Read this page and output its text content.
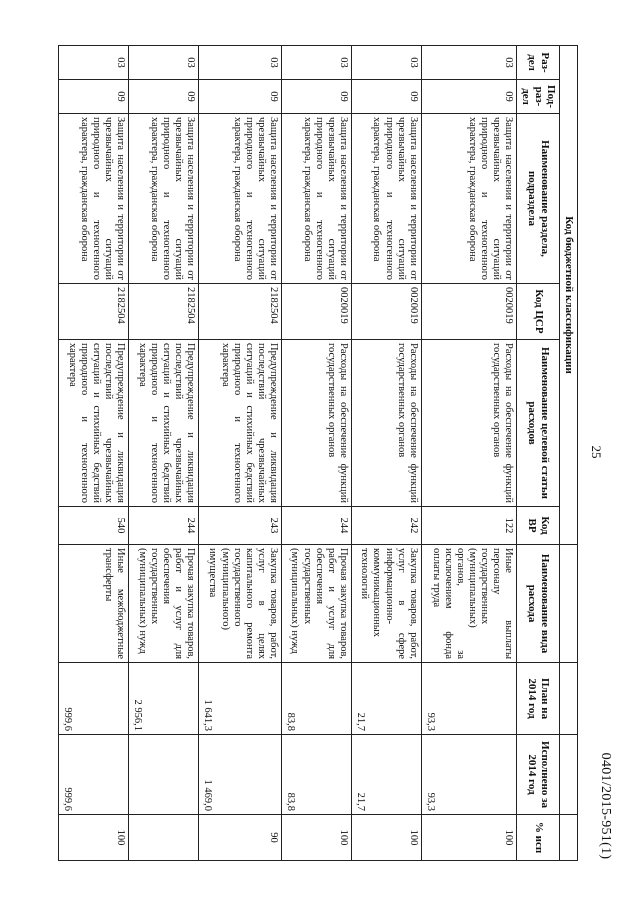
25
Код бюджетной классификации									
Раз-дел	Под-раз-дел	Наименование раздела, подраздела	Код ЦСР	Наименование целевой статьи расходов	Код ВР	Наименование вида расхода	План на 2014 год	Исполнено за 2014 год	% исп
03	09	Защита населения и территории от чрезвычайных ситуаций природного и техногенного характера, гражданская оборона	0020019	Расходы на обеспечение функций государственных органов	122	Иные выплаты персоналу государственных (муниципальных) органов, за исключением фонда оплаты труда	93,3	93,3	100
03	09	Защита населения и территории от чрезвычайных ситуаций природного и техногенного характера, гражданская оборона	0020019	Расходы на обеспечение функций государственных органов	242	Закупка товаров, работ, услуг в сфере информационно-коммуникационных технологий	21,7	21,7	100
03	09	Защита населения и территории от чрезвычайных ситуаций природного и техногенного характера, гражданская оборона	0020019	Расходы на обеспечение функций государственных органов	244	Прочая закупка товаров, работ и услуг для обеспечения государственных (муниципальных) нужд	83,8	83,8	100
03	09	Защита населения и территории от чрезвычайных ситуаций природного и техногенного характера, гражданская оборона	2182504	Предупреждение и ликвидация последствий чрезвычайных ситуаций и стихийных бедствий природного и техногенного характера	243	Закупка товаров, работ, услуг в целях капитального ремонта государственного (муниципального) имущества	1 641,3	1 469,0	90
03	09	Защита населения и территории от чрезвычайных ситуаций природного и техногенного характера, гражданская оборона	2182504	Предупреждение и ликвидация последствий чрезвычайных ситуаций и стихийных бедствий природного и техногенного характера	244	Прочая закупка товаров, работ и услуг для обеспечения государственных (муниципальных) нужд	2 956,1		
03	09	Защита населения и территории от чрезвычайных ситуаций природного и техногенного характера, гражданская оборона	2182504	Предупреждение и ликвидация последствий чрезвычайных ситуаций и стихийных бедствий природного и техногенного характера	540	Иные межбюджетные трансферты	999,6	999,6	100	0401/2015-951(1)
